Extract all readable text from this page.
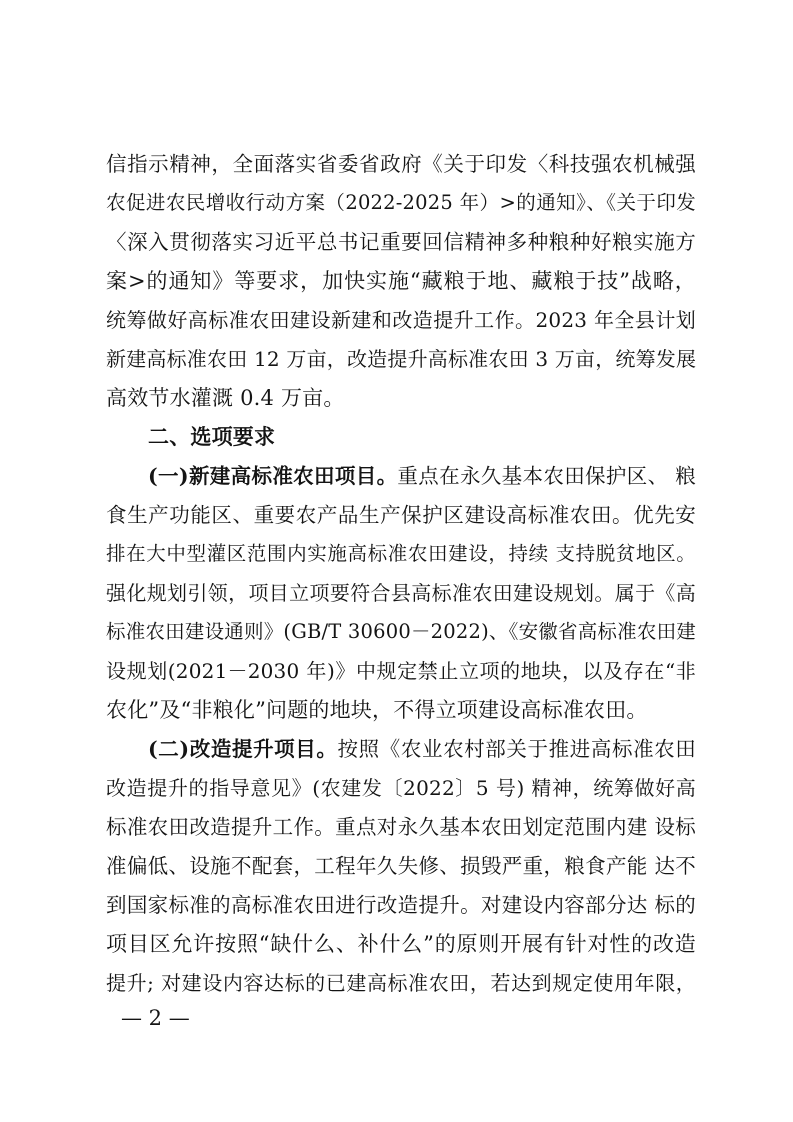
信指示精神，全面落实省委省政府《关于印发〈科技强农机械强
农促进农民增收行动方案（2022-2025 年）>的通知》、《关于印发
〈深入贯彻落实习近平总书记重要回信精神多种粮种好粮实施方
案>的通知》等要求，加快实施“藏粮于地、藏粮于技”战略，
统筹做好高标准农田建设新建和改造提升工作。2023 年全县计划
新建高标准农田 12 万亩，改造提升高标准农田 3 万亩，统筹发展
高效节水灌溉 0.4 万亩。
二、选项要求
(一)新建高标准农田项目。重点在永久基本农田保护区、 粮
食生产功能区、重要农产品生产保护区建设高标准农田。优先安
排在大中型灌区范围内实施高标准农田建设，持续 支持脱贫地区。
强化规划引领，项目立项要符合县高标准农田建设规划。属于《高
标准农田建设通则》(GB/T 30600－2022)、《安徽省高标准农田建
设规划(2021－2030 年)》中规定禁止立项的地块，以及存在“非
农化”及“非粮化”问题的地块，不得立项建设高标准农田。
(二)改造提升项目。按照《农业农村部关于推进高标准农田
改造提升的指导意见》(农建发〔2022〕5 号) 精神，统筹做好高
标准农田改造提升工作。重点对永久基本农田划定范围内建 设标
准偏低、设施不配套，工程年久失修、损毁严重，粮食产能 达不
到国家标准的高标准农田进行改造提升。对建设内容部分达 标的
项目区允许按照“缺什么、补什么”的原则开展有针对性的改造
提升; 对建设内容达标的已建高标准农田，若达到规定使用年限，
— 2 —
